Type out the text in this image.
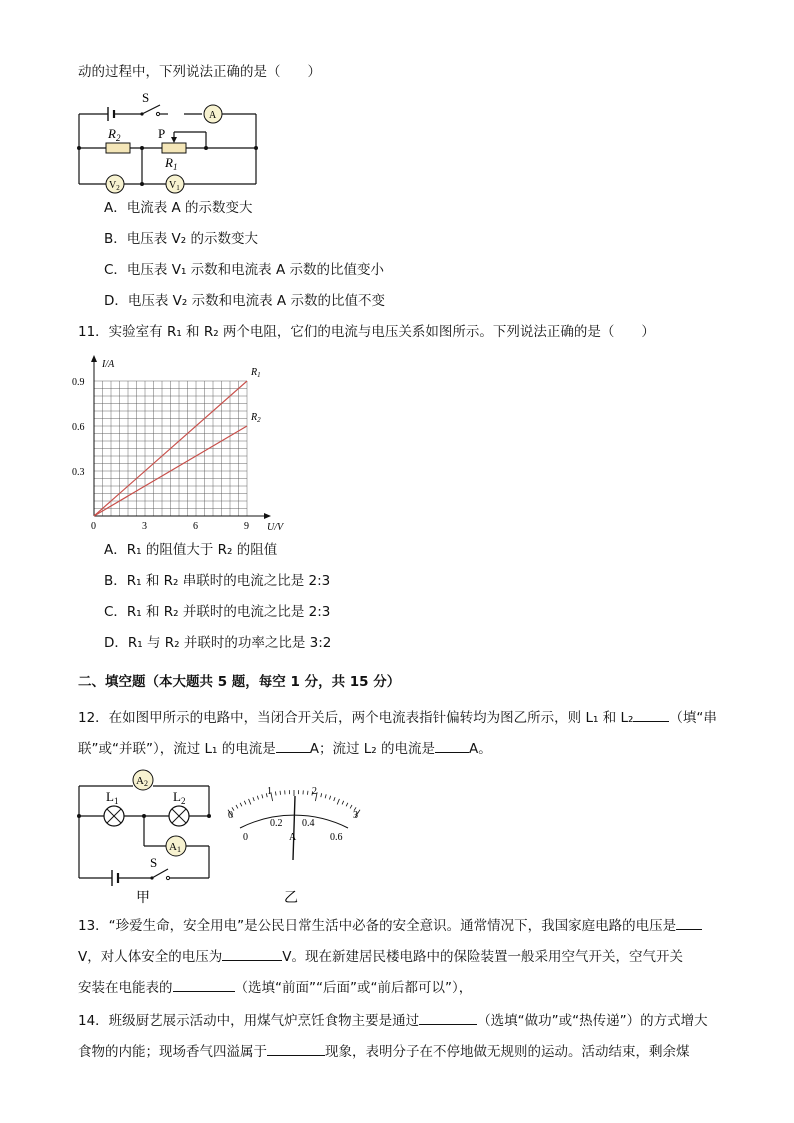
动的过程中，下列说法正确的是（　　）
S
A
$R_2$	P
$R_1$
$V_2$	$V_1$
A．电流表 A 的示数变大
B．电压表 V₂ 的示数变大
C．电压表 V₁ 示数和电流表 A 示数的比值变小
D．电压表 V₂ 示数和电流表 A 示数的比值不变
11．实验室有 R₁ 和 R₂ 两个电阻，它们的电流与电压关系如图所示。下列说法正确的是（　　）
0	3	6	9
0.3
0.6
0.9
U/V
I/A
$R_1$
$R_2$
A．R₁ 的阻值大于 R₂ 的阻值
B．R₁ 和 R₂ 串联时的电流之比是 2:3
C．R₁ 和 R₂ 并联时的电流之比是 2:3
D．R₁ 与 R₂ 并联时的功率之比是 3:2
二、填空题（本大题共 5 题，每空 1 分，共 15 分）
12．在如图甲所示的电路中，当闭合开关后，两个电流表指针偏转均为图乙所示，则 L₁ 和 L₂	（填“串
联”或“并联”），流过 L₁ 的电流是	A；流过 L₂ 的电流是	A。
S
A2
$L_1$	$L_2$
A1
甲
0
1	2
3
0
0.2 0.4
0.6
A
乙
13．“珍爱生命，安全用电”是公民日常生活中必备的安全意识。通常情况下，我国家庭电路的电压是
V，对人体安全的电压为	V。现在新建居民楼电路中的保险装置一般采用空气开关，空气开关
安装在电能表的	（选填“前面”“后面”或“前后都可以”），
14．班级厨艺展示活动中，用煤气炉烹饪食物主要是通过	（选填“做功”或“热传递”）的方式增大
食物的内能；现场香气四溢属于	现象，表明分子在不停地做无规则的运动。活动结束，剩余煤
